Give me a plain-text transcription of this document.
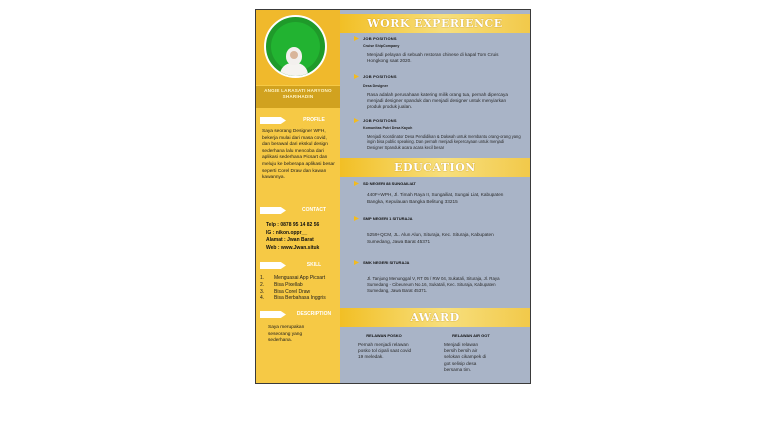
ANGIE LARASATI HARYONO SHARIHADIN
PROFILE
Saya seorang Designer WFH, bekerja mulai dari masa covid, dan berawal dari ekskul design sederhana lalu mencoba dari aplikasi sederhana Picsart dan meluju ke beberapa aplikasi besar seperti Corel Draw dan kawan kawannya.
CONTACT
Telp : 0878 95 14 82 56
IG : nikon.oppr__
Alamat : Jwan Barat
Web : www.Jwan.situk
SKILL
1. Menguasai App Picsart
2. Bisa Pixellab
3. Bisa Corel Draw
4. Bisa Berbahasa Inggris
DESCRIPTION
Saya merupakan seseorang yang sederhana.
WORK EXPERIENCE
JOB POSITIONS
Cruise ShipCompany
Menjadi pelayan di sebuah restoran chinese di kapal Tom Cruis Hongkong saat 2020.
JOB POSITIONS
Desa Designer
Rasa adalah perusahaan katering milik orang tua, pernah dipercaya menjadi designer spanduk dan menjadi designer untuk menyiarkan produk produk jualan.
JOB POSITIONS
Komunitas Putri Desa Kayuh
Menjadi Koordinator Desa Pendidikan & Dakwah untuk membantu orang-orang yang ingin bisa public speaking. Dan pernah menjadi kepercayaan untuk menjadi Designer Spanduk acara acara kecil besar
EDUCATION
SD NEGERI 88 SUNGAILIAT
440F+WPH, Jl. Timah Raya II, Sungailiat, Sungai Liat, Kabupaten Bangka, Kepulauan Bangka Belitung 33215
SMP NEGERI 1 SITURAJA
5259+QCM, JL. Alun Alun, Situraja, Kec. Situraja, Kabupaten Sumedang, Jawa Barat 45371
SMK NEGERI SITURAJA
Jl. Tanjung Menunggal V, RT 05 / RW 04, Sukatali, Situraja, Jl. Raya Sumedang - Cibeureum No.16, Sukatali, Kec. Situraja, Kabupaten Sumedang, Jawa Barat 45371.
AWARD
RELAWAN POSKO
Pernah menjadi relawan posko tol cipali saat covid 19 meledak.
RELAWAN AIR GOT
Menjadi relawan bersih bersih air selokan cikampek di got selisip desa bersama tim.
